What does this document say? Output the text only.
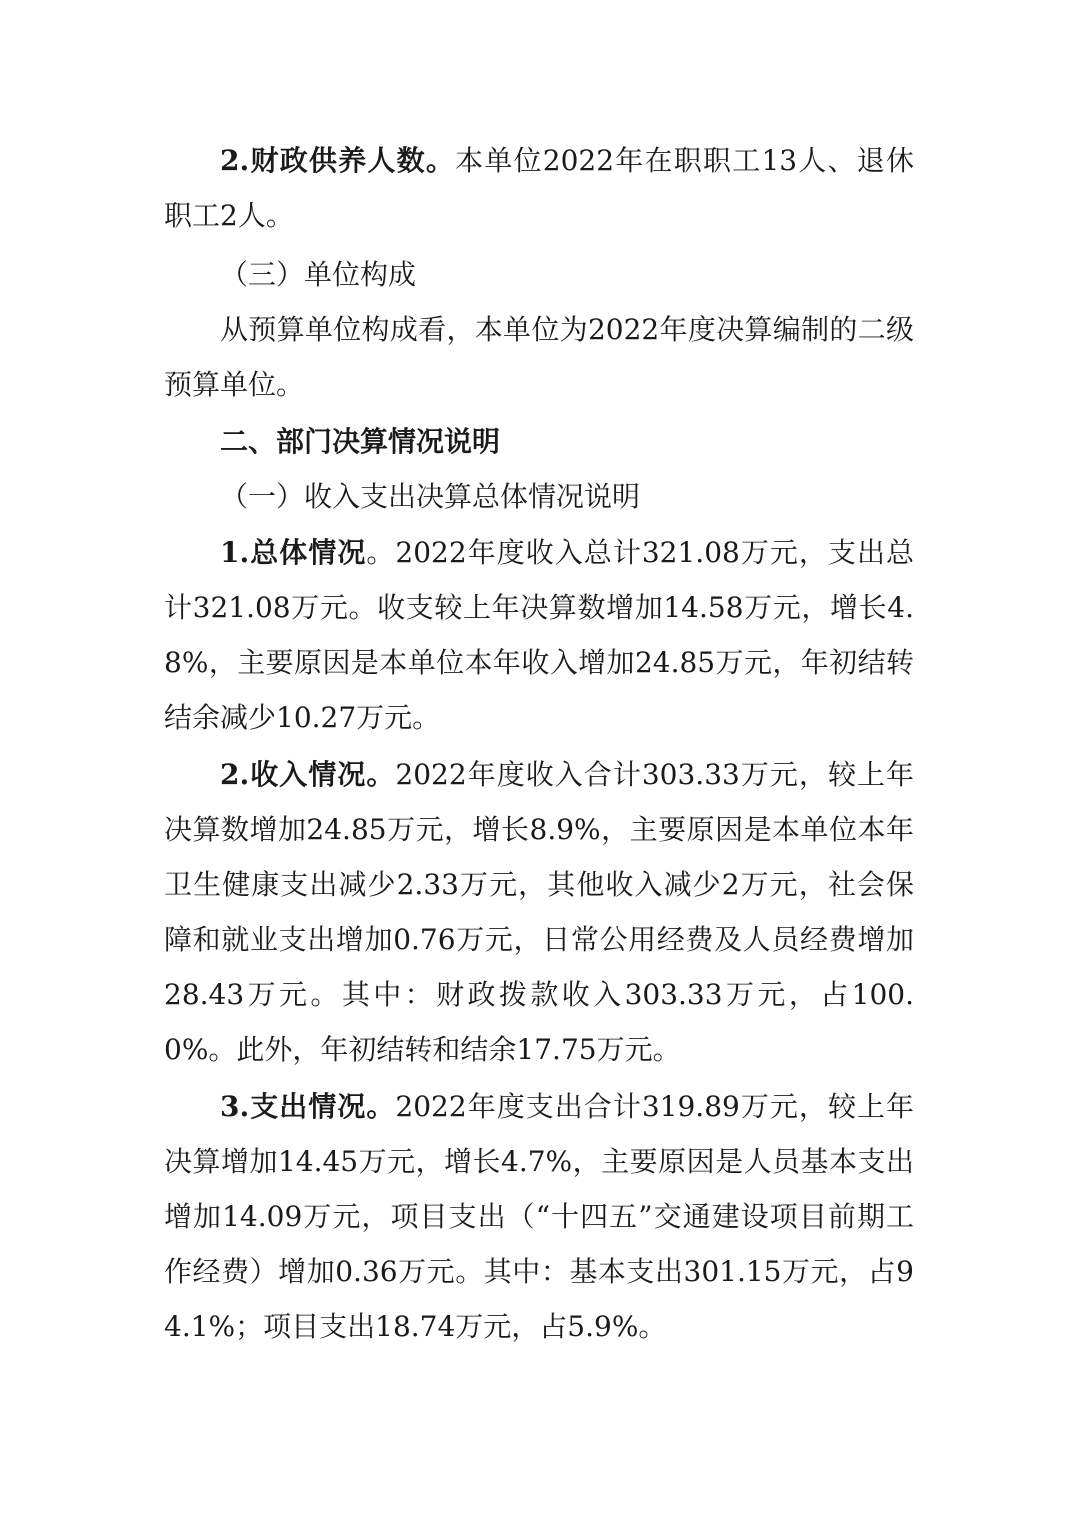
2.财政供养人数。本单位2022年在职职工13人、退休职工2人。

（三）单位构成

从预算单位构成看，本单位为2022年度决算编制的二级预算单位。

二、部门决算情况说明

（一）收入支出决算总体情况说明

1.总体情况。2022年度收入总计321.08万元，支出总计321.08万元。收支较上年决算数增加14.58万元，增长4.8%，主要原因是本单位本年收入增加24.85万元，年初结转结余减少10.27万元。

2.收入情况。2022年度收入合计303.33万元，较上年决算数增加24.85万元，增长8.9%，主要原因是本单位本年卫生健康支出减少2.33万元，其他收入减少2万元，社会保障和就业支出增加0.76万元，日常公用经费及人员经费增加28.43万元。其中：财政拨款收入303.33万元，占100.0%。此外，年初结转和结余17.75万元。

3.支出情况。2022年度支出合计319.89万元，较上年决算增加14.45万元，增长4.7%，主要原因是人员基本支出增加14.09万元，项目支出（“十四五”交通建设项目前期工作经费）增加0.36万元。其中：基本支出301.15万元，占94.1%；项目支出18.74万元，占5.9%。
